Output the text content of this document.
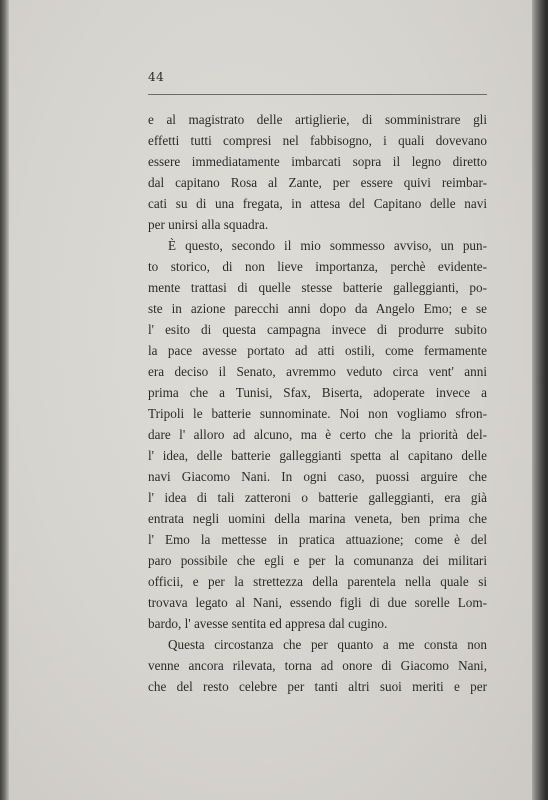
44
e al magistrato delle artiglierie, di somministrare gli
effetti tutti compresi nel fabbisogno, i quali dovevano
essere immediatamente imbarcati sopra il legno diretto
dal capitano Rosa al Zante, per essere quivi reimbar-
cati su di una fregata, in attesa del Capitano delle navi
per unirsi alla squadra.
È questo, secondo il mio sommesso avviso, un pun-
to storico, di non lieve importanza, perchè evidente-
mente trattasi di quelle stesse batterie galleggianti, po-
ste in azione parecchi anni dopo da Angelo Emo; e se
l' esito di questa campagna invece di produrre subito
la pace avesse portato ad atti ostili, come fermamente
era deciso il Senato, avremmo veduto circa vent' anni
prima che a Tunisi, Sfax, Biserta, adoperate invece a
Tripoli le batterie sunnominate. Noi non vogliamo sfron-
dare l' alloro ad alcuno, ma è certo che la priorità del-
l' idea, delle batterie galleggianti spetta al capitano delle
navi Giacomo Nani. In ogni caso, puossi arguire che
l' idea di tali zatteroni o batterie galleggianti, era già
entrata negli uomini della marina veneta, ben prima che
l' Emo la mettesse in pratica attuazione; come è del
paro possibile che egli e per la comunanza dei militari
officii, e per la strettezza della parentela nella quale si
trovava legato al Nani, essendo figli di due sorelle Lom-
bardo, l' avesse sentita ed appresa dal cugino.
Questa circostanza che per quanto a me consta non
venne ancora rilevata, torna ad onore di Giacomo Nani,
che del resto celebre per tanti altri suoi meriti e per
